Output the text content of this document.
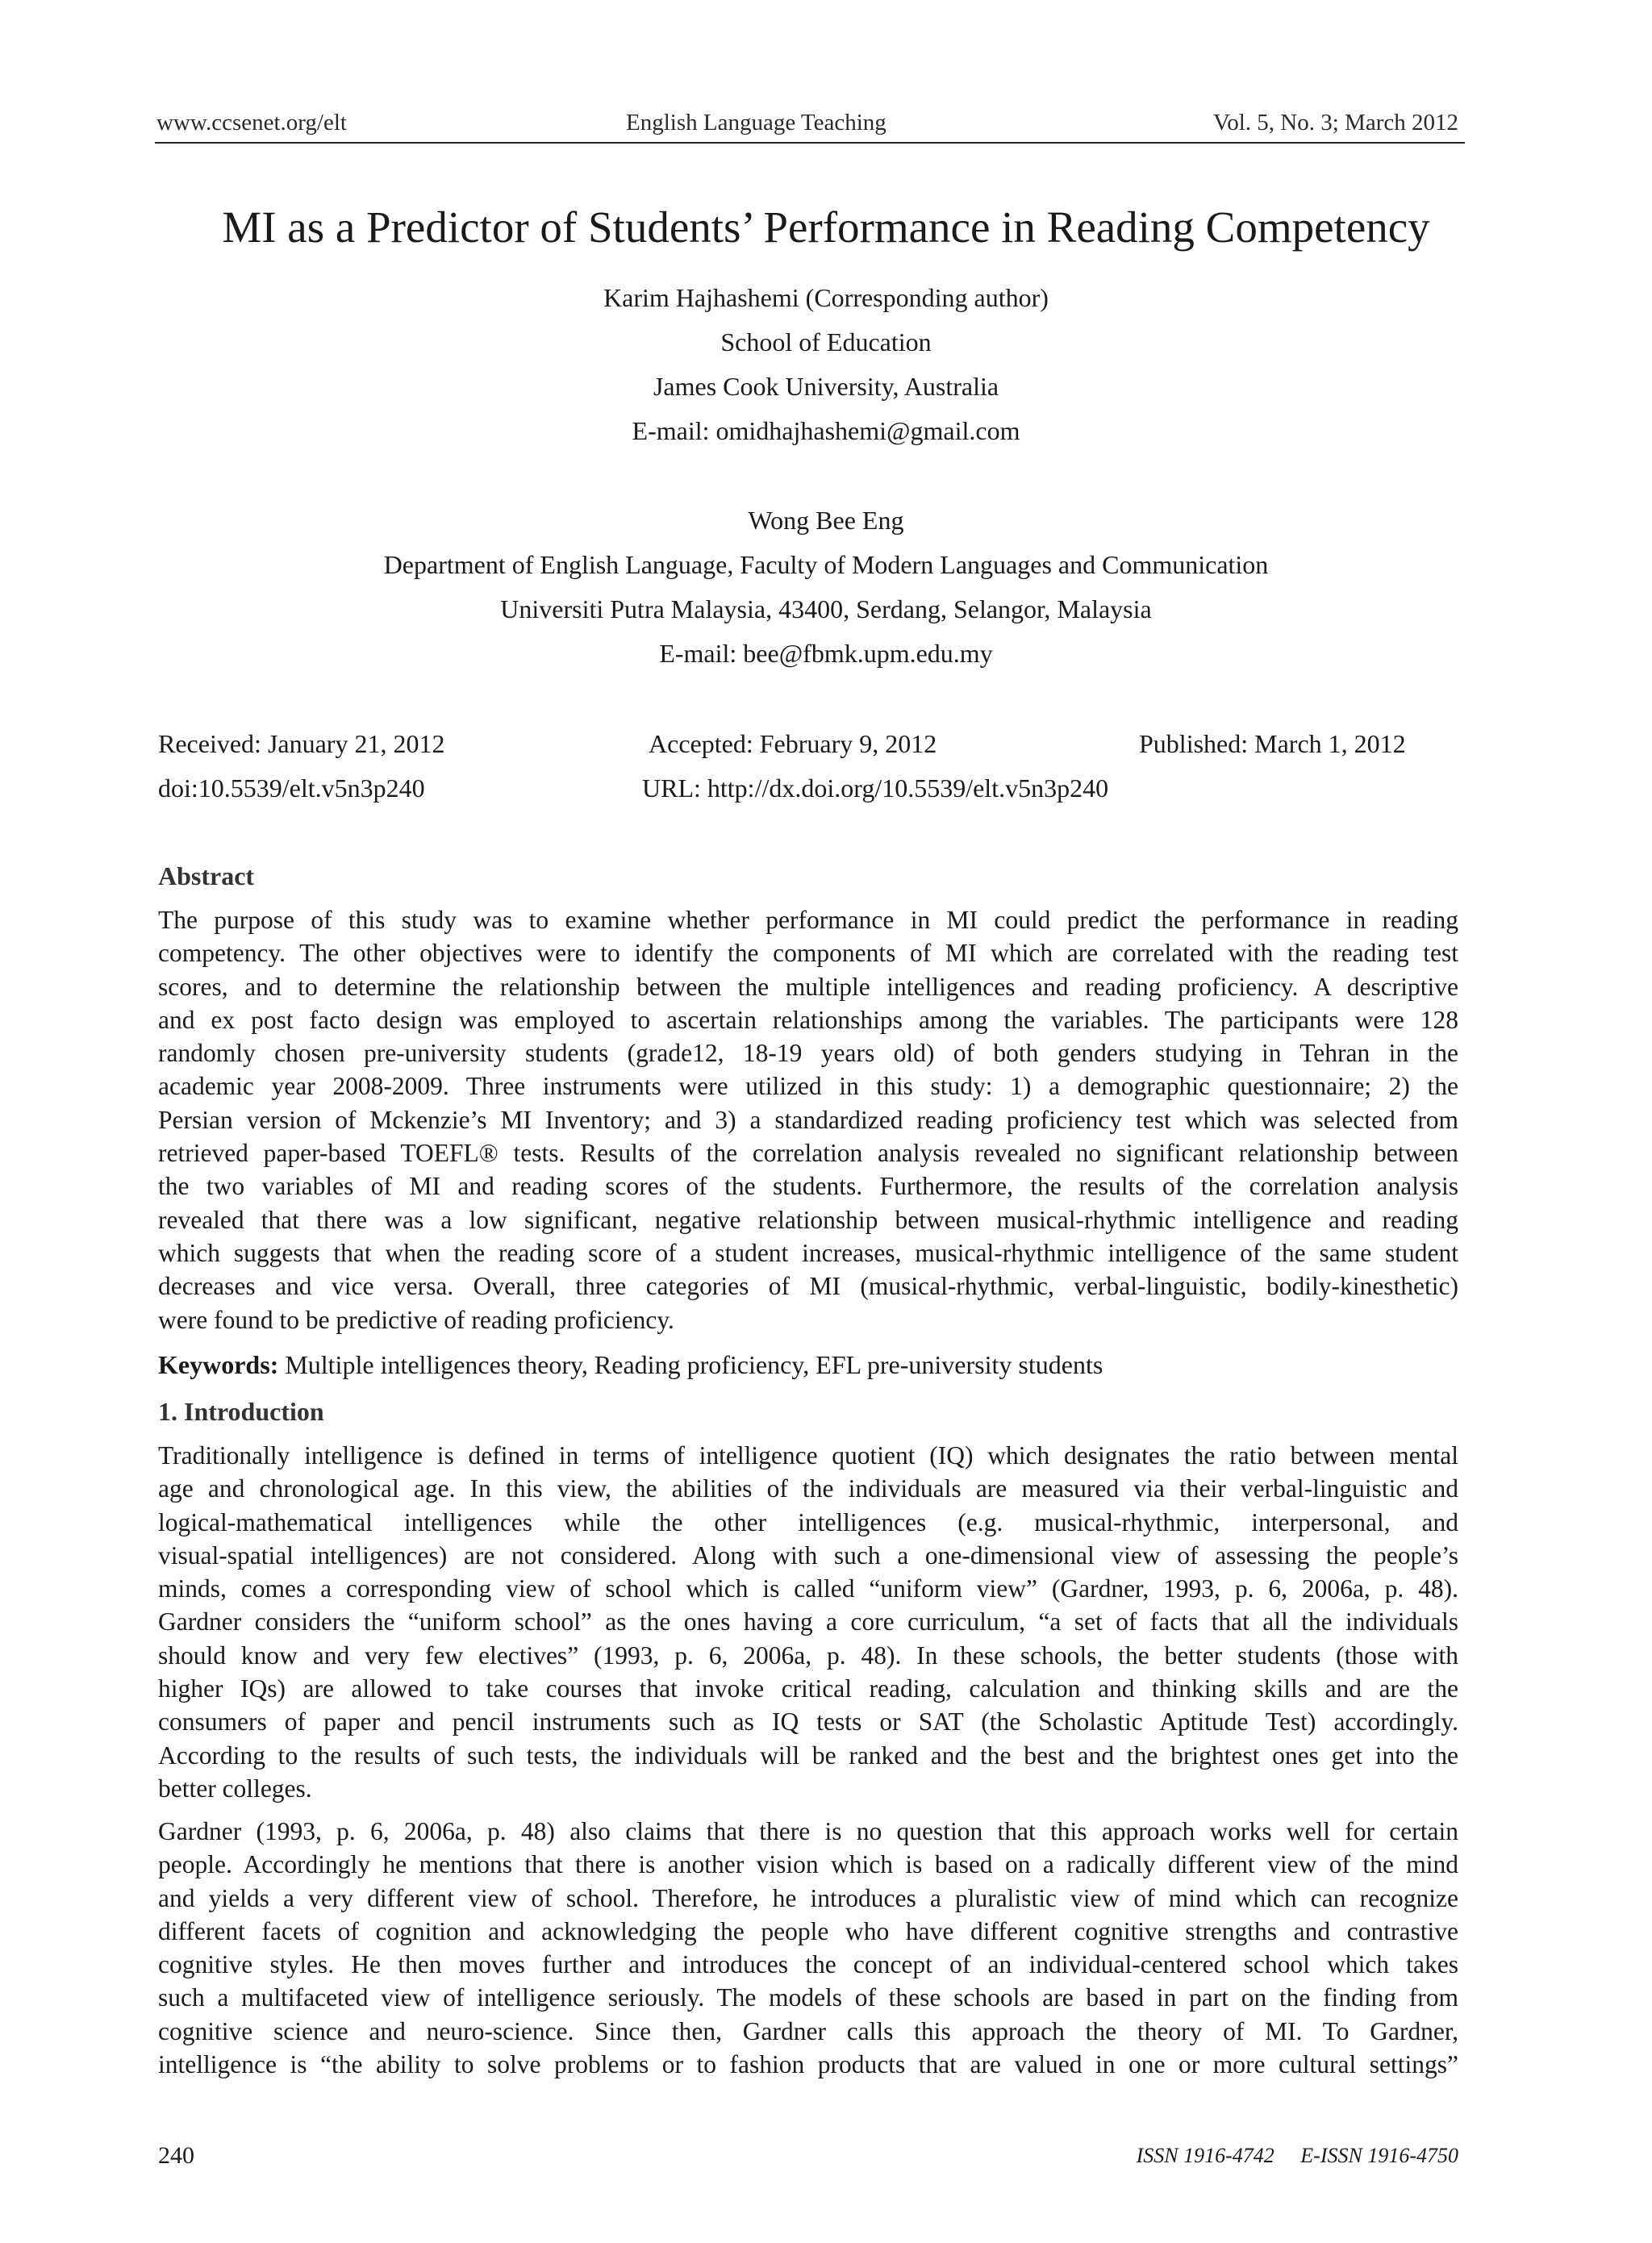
www.ccsenet.org/elt	English Language Teaching	Vol. 5, No. 3; March 2012
MI as a Predictor of Students’ Performance in Reading Competency
Karim Hajhashemi (Corresponding author)
School of Education
James Cook University, Australia
E-mail: omidhajhashemi@gmail.com
Wong Bee Eng
Department of English Language, Faculty of Modern Languages and Communication
Universiti Putra Malaysia, 43400, Serdang, Selangor, Malaysia
E-mail: bee@fbmk.upm.edu.my
Received: January 21, 2012	Accepted: February 9, 2012	Published: March 1, 2012
doi:10.5539/elt.v5n3p240	URL: http://dx.doi.org/10.5539/elt.v5n3p240
Abstract
The purpose of this study was to examine whether performance in MI could predict the performance in reading
competency. The other objectives were to identify the components of MI which are correlated with the reading test
scores, and to determine the relationship between the multiple intelligences and reading proficiency. A descriptive
and ex post facto design was employed to ascertain relationships among the variables. The participants were 128
randomly chosen pre-university students (grade12, 18-19 years old) of both genders studying in Tehran in the
academic year 2008-2009. Three instruments were utilized in this study: 1) a demographic questionnaire; 2) the
Persian version of Mckenzie’s MI Inventory; and 3) a standardized reading proficiency test which was selected from
retrieved paper-based TOEFL® tests. Results of the correlation analysis revealed no significant relationship between
the two variables of MI and reading scores of the students. Furthermore, the results of the correlation analysis
revealed that there was a low significant, negative relationship between musical-rhythmic intelligence and reading
which suggests that when the reading score of a student increases, musical-rhythmic intelligence of the same student
decreases and vice versa. Overall, three categories of MI (musical-rhythmic, verbal-linguistic, bodily-kinesthetic)
were found to be predictive of reading proficiency.
Keywords: Multiple intelligences theory, Reading proficiency, EFL pre-university students
1. Introduction
Traditionally intelligence is defined in terms of intelligence quotient (IQ) which designates the ratio between mental
age and chronological age. In this view, the abilities of the individuals are measured via their verbal-linguistic and
logical-mathematical intelligences while the other intelligences (e.g. musical-rhythmic, interpersonal, and
visual-spatial intelligences) are not considered. Along with such a one-dimensional view of assessing the people’s
minds, comes a corresponding view of school which is called “uniform view” (Gardner, 1993, p. 6, 2006a, p. 48).
Gardner considers the “uniform school” as the ones having a core curriculum, “a set of facts that all the individuals
should know and very few electives” (1993, p. 6, 2006a, p. 48). In these schools, the better students (those with
higher IQs) are allowed to take courses that invoke critical reading, calculation and thinking skills and are the
consumers of paper and pencil instruments such as IQ tests or SAT (the Scholastic Aptitude Test) accordingly.
According to the results of such tests, the individuals will be ranked and the best and the brightest ones get into the
better colleges.
Gardner (1993, p. 6, 2006a, p. 48) also claims that there is no question that this approach works well for certain
people. Accordingly he mentions that there is another vision which is based on a radically different view of the mind
and yields a very different view of school. Therefore, he introduces a pluralistic view of mind which can recognize
different facets of cognition and acknowledging the people who have different cognitive strengths and contrastive
cognitive styles. He then moves further and introduces the concept of an individual-centered school which takes
such a multifaceted view of intelligence seriously. The models of these schools are based in part on the finding from
cognitive science and neuro-science. Since then, Gardner calls this approach the theory of MI. To Gardner,
intelligence is “the ability to solve problems or to fashion products that are valued in one or more cultural settings”
240	ISSN 1916-4742     E-ISSN 1916-4750
